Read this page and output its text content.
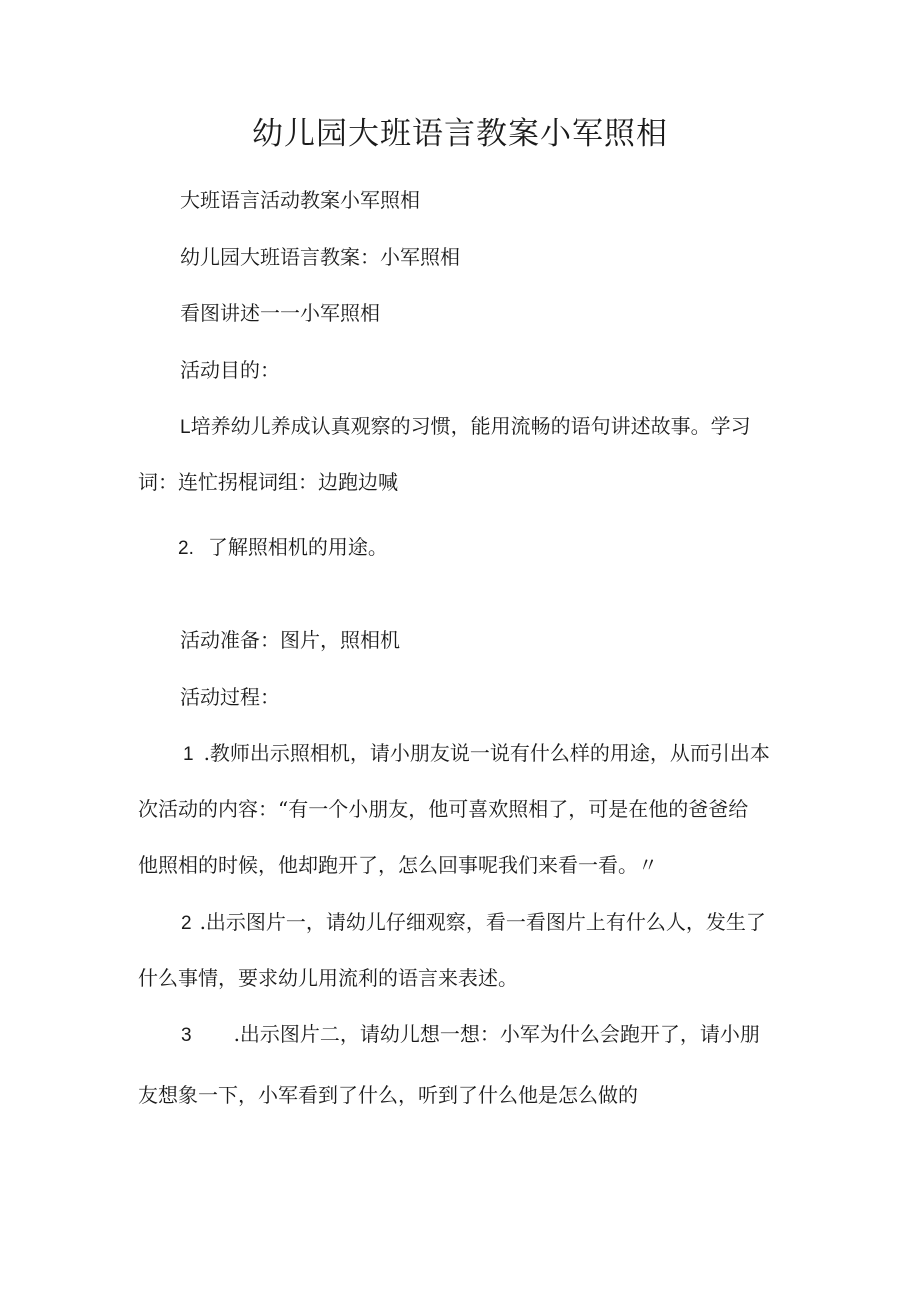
幼儿园大班语言教案小军照相
大班语言活动教案小军照相
幼儿园大班语言教案：小军照相
看图讲述一一小军照相
活动目的：
L培养幼儿养成认真观察的习惯，能用流畅的语句讲述故事。学习
词：连忙拐棍词组：边跑边喊
2. 了解照相机的用途。
活动准备：图片，照相机
活动过程：
1 .教师出示照相机，请小朋友说一说有什么样的用途，从而引出本
次活动的内容：“有一个小朋友，他可喜欢照相了，可是在他的爸爸给
他照相的时候，他却跑开了，怎么回事呢我们来看一看。〃
2 .出示图片一，请幼儿仔细观察，看一看图片上有什么人，发生了
什么事情，要求幼儿用流利的语言来表述。
3 .出示图片二，请幼儿想一想：小军为什么会跑开了，请小朋
友想象一下，小军看到了什么，听到了什么他是怎么做的
